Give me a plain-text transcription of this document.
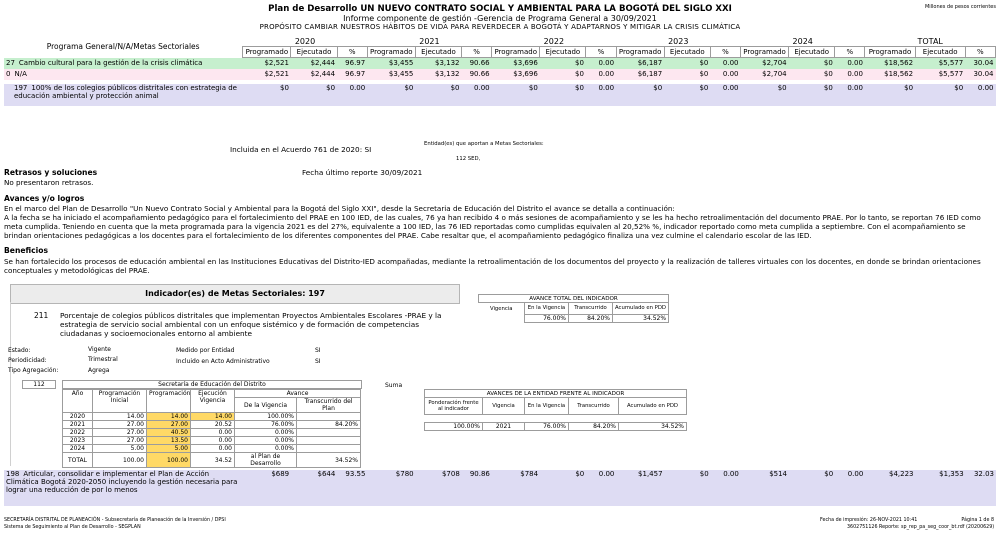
Plan de Desarrollo UN NUEVO CONTRATO SOCIAL Y AMBIENTAL PARA LA BOGOTÁ DEL SIGLO XXI
Informe componente de gestión -Gerencia de Programa General a 30/09/2021
PROPÓSITO CAMBIAR NUESTROS HÁBITOS DE VIDA PARA REVERDECER A BOGOTÁ Y ADAPTARNOS Y MITIGAR LA CRISIS CLIMÁTICA
Millones de pesos corrientes
Programa General/N/A/Metas Sectoriales	2020			2021			2022			2023			2024			TOTAL		
	Programado	Ejecutado	%	Programado	Ejecutado	%	Programado	Ejecutado	%	Programado	Ejecutado	%	Programado	Ejecutado	%	Programado	Ejecutado	%
27 Cambio cultural para la gestión de la crisis climática	$2,521	$2,444	96.97	$3,455	$3,132	90.66	$3,696	$0	0.00	$6,187	$0	0.00	$2,704	$0	0.00	$18,562	$5,577	30.04
0 N/A	$2,521	$2,444	96.97	$3,455	$3,132	90.66	$3,696	$0	0.00	$6,187	$0	0.00	$2,704	$0	0.00	$18,562	$5,577	30.04

197 100% de los colegios públicos distritales con estrategia de educación ambiental y protección animal	$0	$0	0.00	$0	$0	0.00	$0	$0	0.00	$0	$0	0.00	$0	$0	0.00	$0	$0	0.00
Incluida en el Acuerdo 761 de 2020: SI
Entidad(es) que aportan a Metas Sectoriales:
112 SED,
Retrasos y soluciones	Fecha último reporte 30/09/2021
No presentaron retrasos.
Avances y/o logros
En el marco del Plan de Desarrollo "Un Nuevo Contrato Social y Ambiental para la Bogotá del Siglo XXI", desde la Secretaria de Educación del Distrito el avance se detalla a continuación:
A la fecha se ha iniciado el acompañamiento pedagógico para el fortalecimiento del PRAE en 100 IED, de las cuales, 76 ya han recibido 4 o más sesiones de acompañamiento y se les ha hecho retroalimentación del documento PRAE. Por lo tanto, se reportan 76 IED como meta cumplida. Teniendo en cuenta que la meta programada para la vigencia 2021 es del 27%, equivalente a 100 IED, las 76 IED reportadas como cumplidas equivalen al 20,52% %, indicador reportado como meta cumplida a septiembre. Con el acompañamiento se brindan orientaciones pedagógicas a los docentes para el fortalecimiento de los diferentes componentes del PRAE. Cabe resaltar que, el acompañamiento pedagógico finaliza una vez culmine el calendario escolar de las IED.
Beneficios
Se han fortalecido los procesos de educación ambiental en las Instituciones Educativas del Distrito-IED acompañadas, mediante la retroalimentación de los documentos del proyecto y la realización de talleres virtuales con los docentes, en donde se brindan orientaciones conceptuales y metodológicas del PRAE.
Indicador(es) de Metas Sectoriales: 197
211 Porcentaje de colegios públicos distritales que implementan Proyectos Ambientales Escolares -PRAE y la estrategia de servicio social ambiental con un enfoque sistémico y de formación de competencias ciudadanas y socioemocionales entorno al ambiente
Estado:	Vigente	Medido por Entidad	SI
Periodicidad:	Trimestral	Incluido en Acto Administrativo	SI
Tipo Agregación:	Agrega
AVANCE TOTAL DEL INDICADOR			
Vigencia	En la Vigencia	Transcurrido	Acumulado en PDD
	76.00%	84.20%	34.52%
Suma
112	Secretaría de Educación del Distrito
Año	Programación Inicial	Programación	Ejecución Vigencia	Avance	
				De la Vigencia	Transcurrido del Plan
2020	14.00	14.00	14.00	100.00%	
2021	27.00	27.00	20.52	76.00%	84.20%
2022	27.00	40.50	0.00	0.00%	
2023	27.00	13.50	0.00	0.00%	
2024	5.00	5.00	0.00	0.00%	
TOTAL	100.00	100.00	34.52	al Plan de Desarrollo	34.52%
AVANCES DE LA ENTIDAD FRENTE AL INDICADOR				
Ponderación frente al indicador	Vigencia	En la Vigencia	Transcurrido	Acumulado en PDD

100.00%	2021	76.00%	84.20%	34.52%
198 Articular, consolidar e implementar el Plan de Acción Climática Bogotá 2020-2050 incluyendo la gestión necesaria para lograr una reducción de por lo menos	$689	$644	93.55	$780	$708	90.86	$784	$0	0.00	$1,457	$0	0.00	$514	$0	0.00	$4,223	$1,353	32.03
SECRETARÍA DISTRITAL DE PLANEACIÓN - Subsecretaría de Planeación de la Inversión / DPSI
Sistema de Seguimiento al Plan de Desarrollo - SEGPLAN
Fecha de impresión: 26-NOV-2021 10:41	Página 1 de 8
3602751126 Reporte: sp_rep_pa_seg_coor_bt.rdf (20200629)
